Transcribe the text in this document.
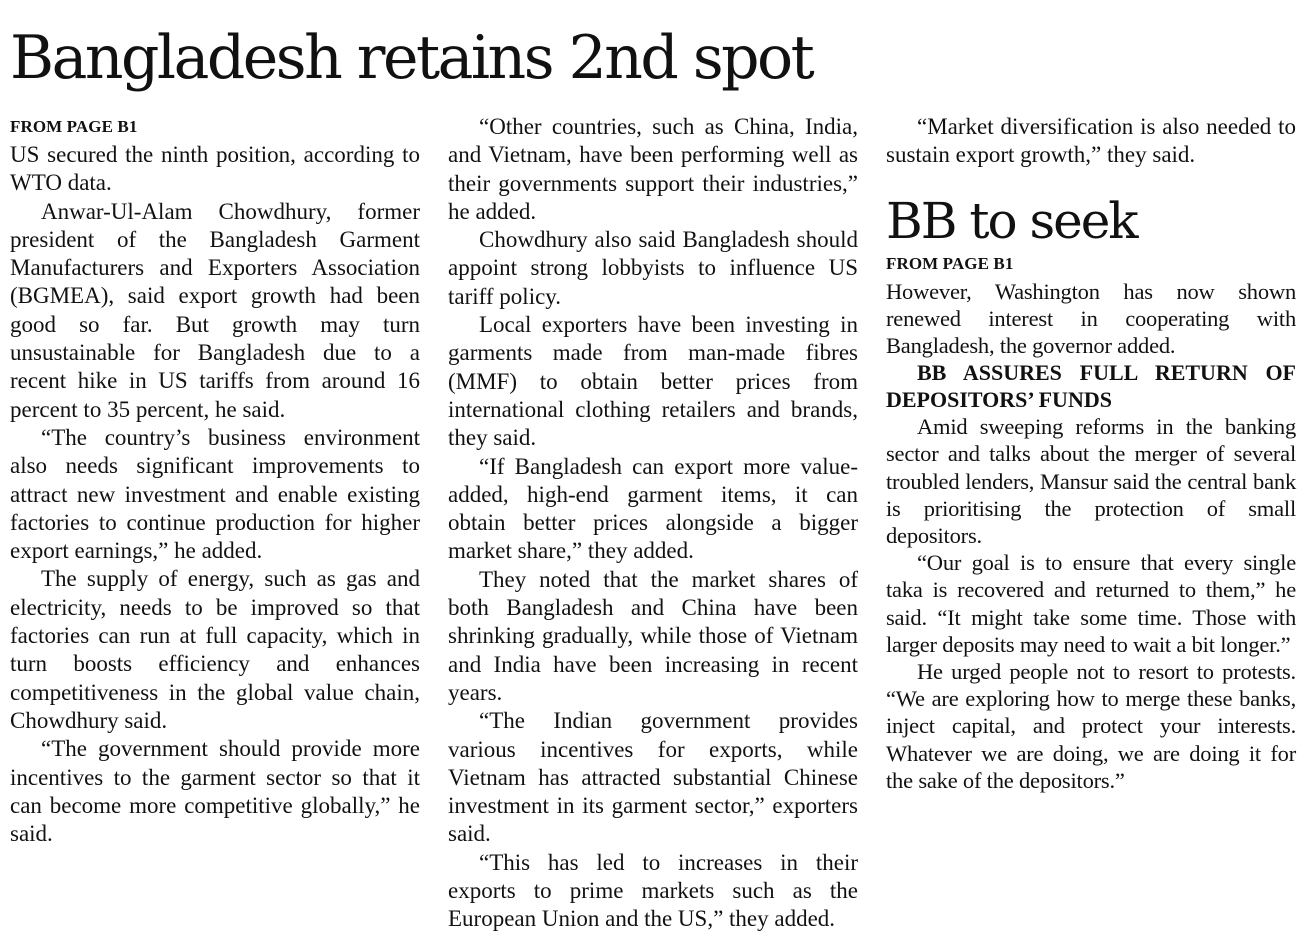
Bangladesh retains 2nd spot

FROM PAGE B1

US secured the ninth position, according to WTO data.

Anwar-Ul-Alam Chowdhury, former president of the Bangladesh Garment Manufacturers and Exporters Association (BGMEA), said export growth had been good so far. But growth may turn unsustainable for Bangladesh due to a recent hike in US tariffs from around 16 percent to 35 percent, he said.

“The country’s business environment also needs significant improvements to attract new investment and enable existing factories to continue production for higher export earnings,” he added.

The supply of energy, such as gas and electricity, needs to be improved so that factories can run at full capacity, which in turn boosts efficiency and enhances competitiveness in the global value chain, Chowdhury said.

“The government should provide more incentives to the garment sector so that it can become more competitive globally,” he said.

“Other countries, such as China, India, and Vietnam, have been performing well as their governments support their industries,” he added.

Chowdhury also said Bangladesh should appoint strong lobbyists to influence US tariff policy.

Local exporters have been investing in garments made from man-made fibres (MMF) to obtain better prices from international clothing retailers and brands, they said.

“If Bangladesh can export more value-added, high-end garment items, it can obtain better prices alongside a bigger market share,” they added.

They noted that the market shares of both Bangladesh and China have been shrinking gradually, while those of Vietnam and India have been increasing in recent years.

“The Indian government provides various incentives for exports, while Vietnam has attracted substantial Chinese investment in its garment sector,” exporters said.

“This has led to increases in their exports to prime markets such as the European Union and the US,” they added.

“Market diversification is also needed to sustain export growth,” they said.

BB to seek

FROM PAGE B1

However, Washington has now shown renewed interest in cooperating with Bangladesh, the governor added.

BB ASSURES FULL RETURN OF DEPOSITORS’ FUNDS

Amid sweeping reforms in the banking sector and talks about the merger of several troubled lenders, Mansur said the central bank is prioritising the protection of small depositors.

“Our goal is to ensure that every single taka is recovered and returned to them,” he said. “It might take some time. Those with larger deposits may need to wait a bit longer.”

He urged people not to resort to protests. “We are exploring how to merge these banks, inject capital, and protect your interests. Whatever we are doing, we are doing it for the sake of the depositors.”
